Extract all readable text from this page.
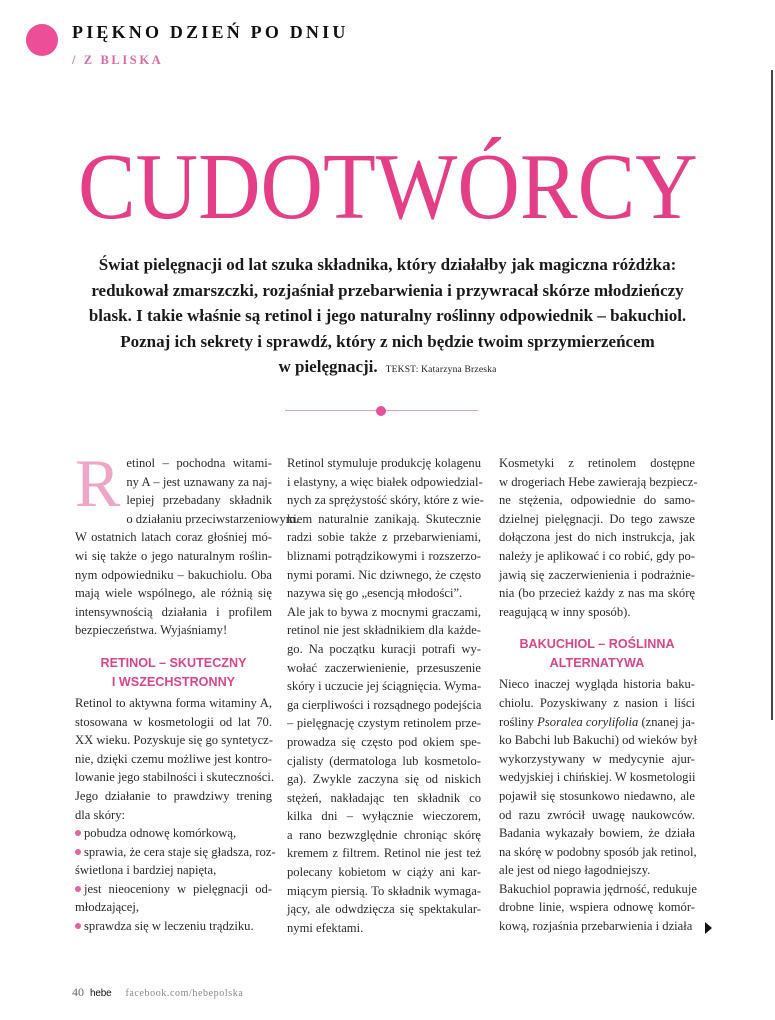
PIĘKNO DZIEŃ PO DNIU
/ Z BLISKA
CUDOTWÓRCY
Świat pielęgnacji od lat szuka składnika, który działałby jak magiczna różdżka:
redukował zmarszczki, rozjaśniał przebarwienia i przywracał skórze młodzieńczy
blask. I takie właśnie są retinol i jego naturalny roślinny odpowiednik – bakuchiol.
Poznaj ich sekrety i sprawdź, który z nich będzie twoim sprzymierzeńcem
w pielęgnacji. TEKST: Katarzyna Brzeska
R etinol – pochodna witami-
ny A – jest uznawany za naj-
lepiej przebadany składnik
o działaniu przeciwstarzeniowym.
W ostatnich latach coraz głośniej mó-
wi się także o jego naturalnym roślin-
nym odpowiedniku – bakuchiolu. Oba
mają wiele wspólnego, ale różnią się
intensywnością działania i profilem
bezpieczeństwa. Wyjaśniamy!
RETINOL – SKUTECZNY
I WSZECHSTRONNY
Retinol to aktywna forma witaminy A,
stosowana w kosmetologii od lat 70.
XX wieku. Pozyskuje się go syntetycz-
nie, dzięki czemu możliwe jest kontro-
lowanie jego stabilności i skuteczności.
Jego działanie to prawdziwy trening
dla skóry:
pobudza odnowę komórkową,
sprawia, że cera staje się gładsza, roz-
świetlona i bardziej napięta,
jest nieoceniony w pielęgnacji od-
młodzającej,
sprawdza się w leczeniu trądziku.
Retinol stymuluje produkcję kolagenu
i elastyny, a więc białek odpowiedzial-
nych za sprężystość skóry, które z wie-
kiem naturalnie zanikają. Skutecznie
radzi sobie także z przebarwieniami,
bliznami potrądzikowymi i rozszerzo-
nymi porami. Nic dziwnego, że często
nazywa się go „esencją młodości”.
Ale jak to bywa z mocnymi graczami,
retinol nie jest składnikiem dla każde-
go. Na początku kuracji potrafi wy-
wołać zaczerwienienie, przesuszenie
skóry i uczucie jej ściągnięcia. Wyma-
ga cierpliwości i rozsądnego podejścia
– pielęgnację czystym retinolem prze-
prowadza się często pod okiem spe-
cjalisty (dermatologa lub kosmetolo-
ga). Zwykle zaczyna się od niskich
stężeń, nakładając ten składnik co
kilka dni – wyłącznie wieczorem,
a rano bezwzględnie chroniąc skórę
kremem z filtrem. Retinol nie jest też
polecany kobietom w ciąży ani kar-
miącym piersią. To składnik wymaga-
jący, ale odwdzięcza się spektakular-
nymi efektami.
Kosmetyki z retinolem dostępne
w drogeriach Hebe zawierają bezpiecz-
ne stężenia, odpowiednie do samo-
dzielnej pielęgnacji. Do tego zawsze
dołączona jest do nich instrukcja, jak
należy je aplikować i co robić, gdy po-
jawią się zaczerwienienia i podrażnie-
nia (bo przecież każdy z nas ma skórę
reagującą w inny sposób).
BAKUCHIOL – ROŚLINNA
ALTERNATYWA
Nieco inaczej wygląda historia baku-
chiolu. Pozyskiwany z nasion i liści
rośliny Psoralea corylifolia (znanej ja-
ko Babchi lub Bakuchi) od wieków był
wykorzystywany w medycynie ajur-
wedyjskiej i chińskiej. W kosmetologii
pojawił się stosunkowo niedawno, ale
od razu zwrócił uwagę naukowców.
Badania wykazały bowiem, że działa
na skórę w podobny sposób jak retinol,
ale jest od niego łagodniejszy.
Bakuchiol poprawia jędrność, redukuje
drobne linie, wspiera odnowę komór-
kową, rozjaśnia przebarwienia i działa
40 hebe facebook.com/hebepolska
